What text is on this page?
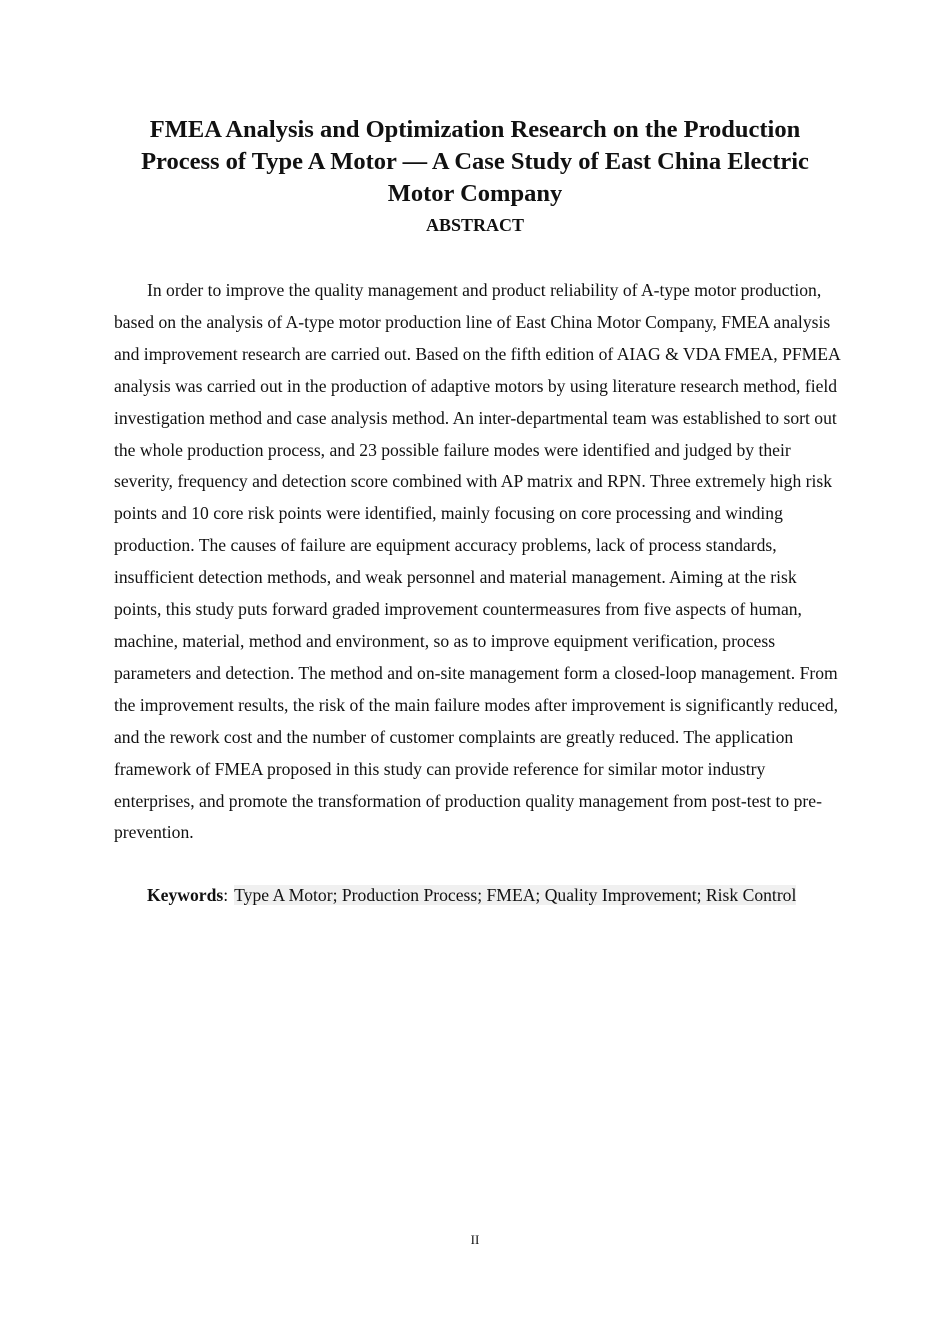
FMEA Analysis and Optimization Research on the Production Process of Type A Motor — A Case Study of East China Electric Motor Company
ABSTRACT

In order to improve the quality management and product reliability of A-type motor production, based on the analysis of A-type motor production line of East China Motor Company, FMEA analysis and improvement research are carried out. Based on the fifth edition of AIAG & VDA FMEA, PFMEA analysis was carried out in the production of adaptive motors by using literature research method, field investigation method and case analysis method. An inter-departmental team was established to sort out the whole production process, and 23 possible failure modes were identified and judged by their severity, frequency and detection score combined with AP matrix and RPN. Three extremely high risk points and 10 core risk points were identified, mainly focusing on core processing and winding production. The causes of failure are equipment accuracy problems, lack of process standards, insufficient detection methods, and weak personnel and material management. Aiming at the risk points, this study puts forward graded improvement countermeasures from five aspects of human, machine, material, method and environment, so as to improve equipment verification, process parameters and detection. The method and on-site management form a closed-loop management. From the improvement results, the risk of the main failure modes after improvement is significantly reduced, and the rework cost and the number of customer complaints are greatly reduced. The application framework of FMEA proposed in this study can provide reference for similar motor industry enterprises, and promote the transformation of production quality management from post-test to pre-prevention.

Keywords: Type A Motor; Production Process; FMEA; Quality Improvement; Risk Control

II
